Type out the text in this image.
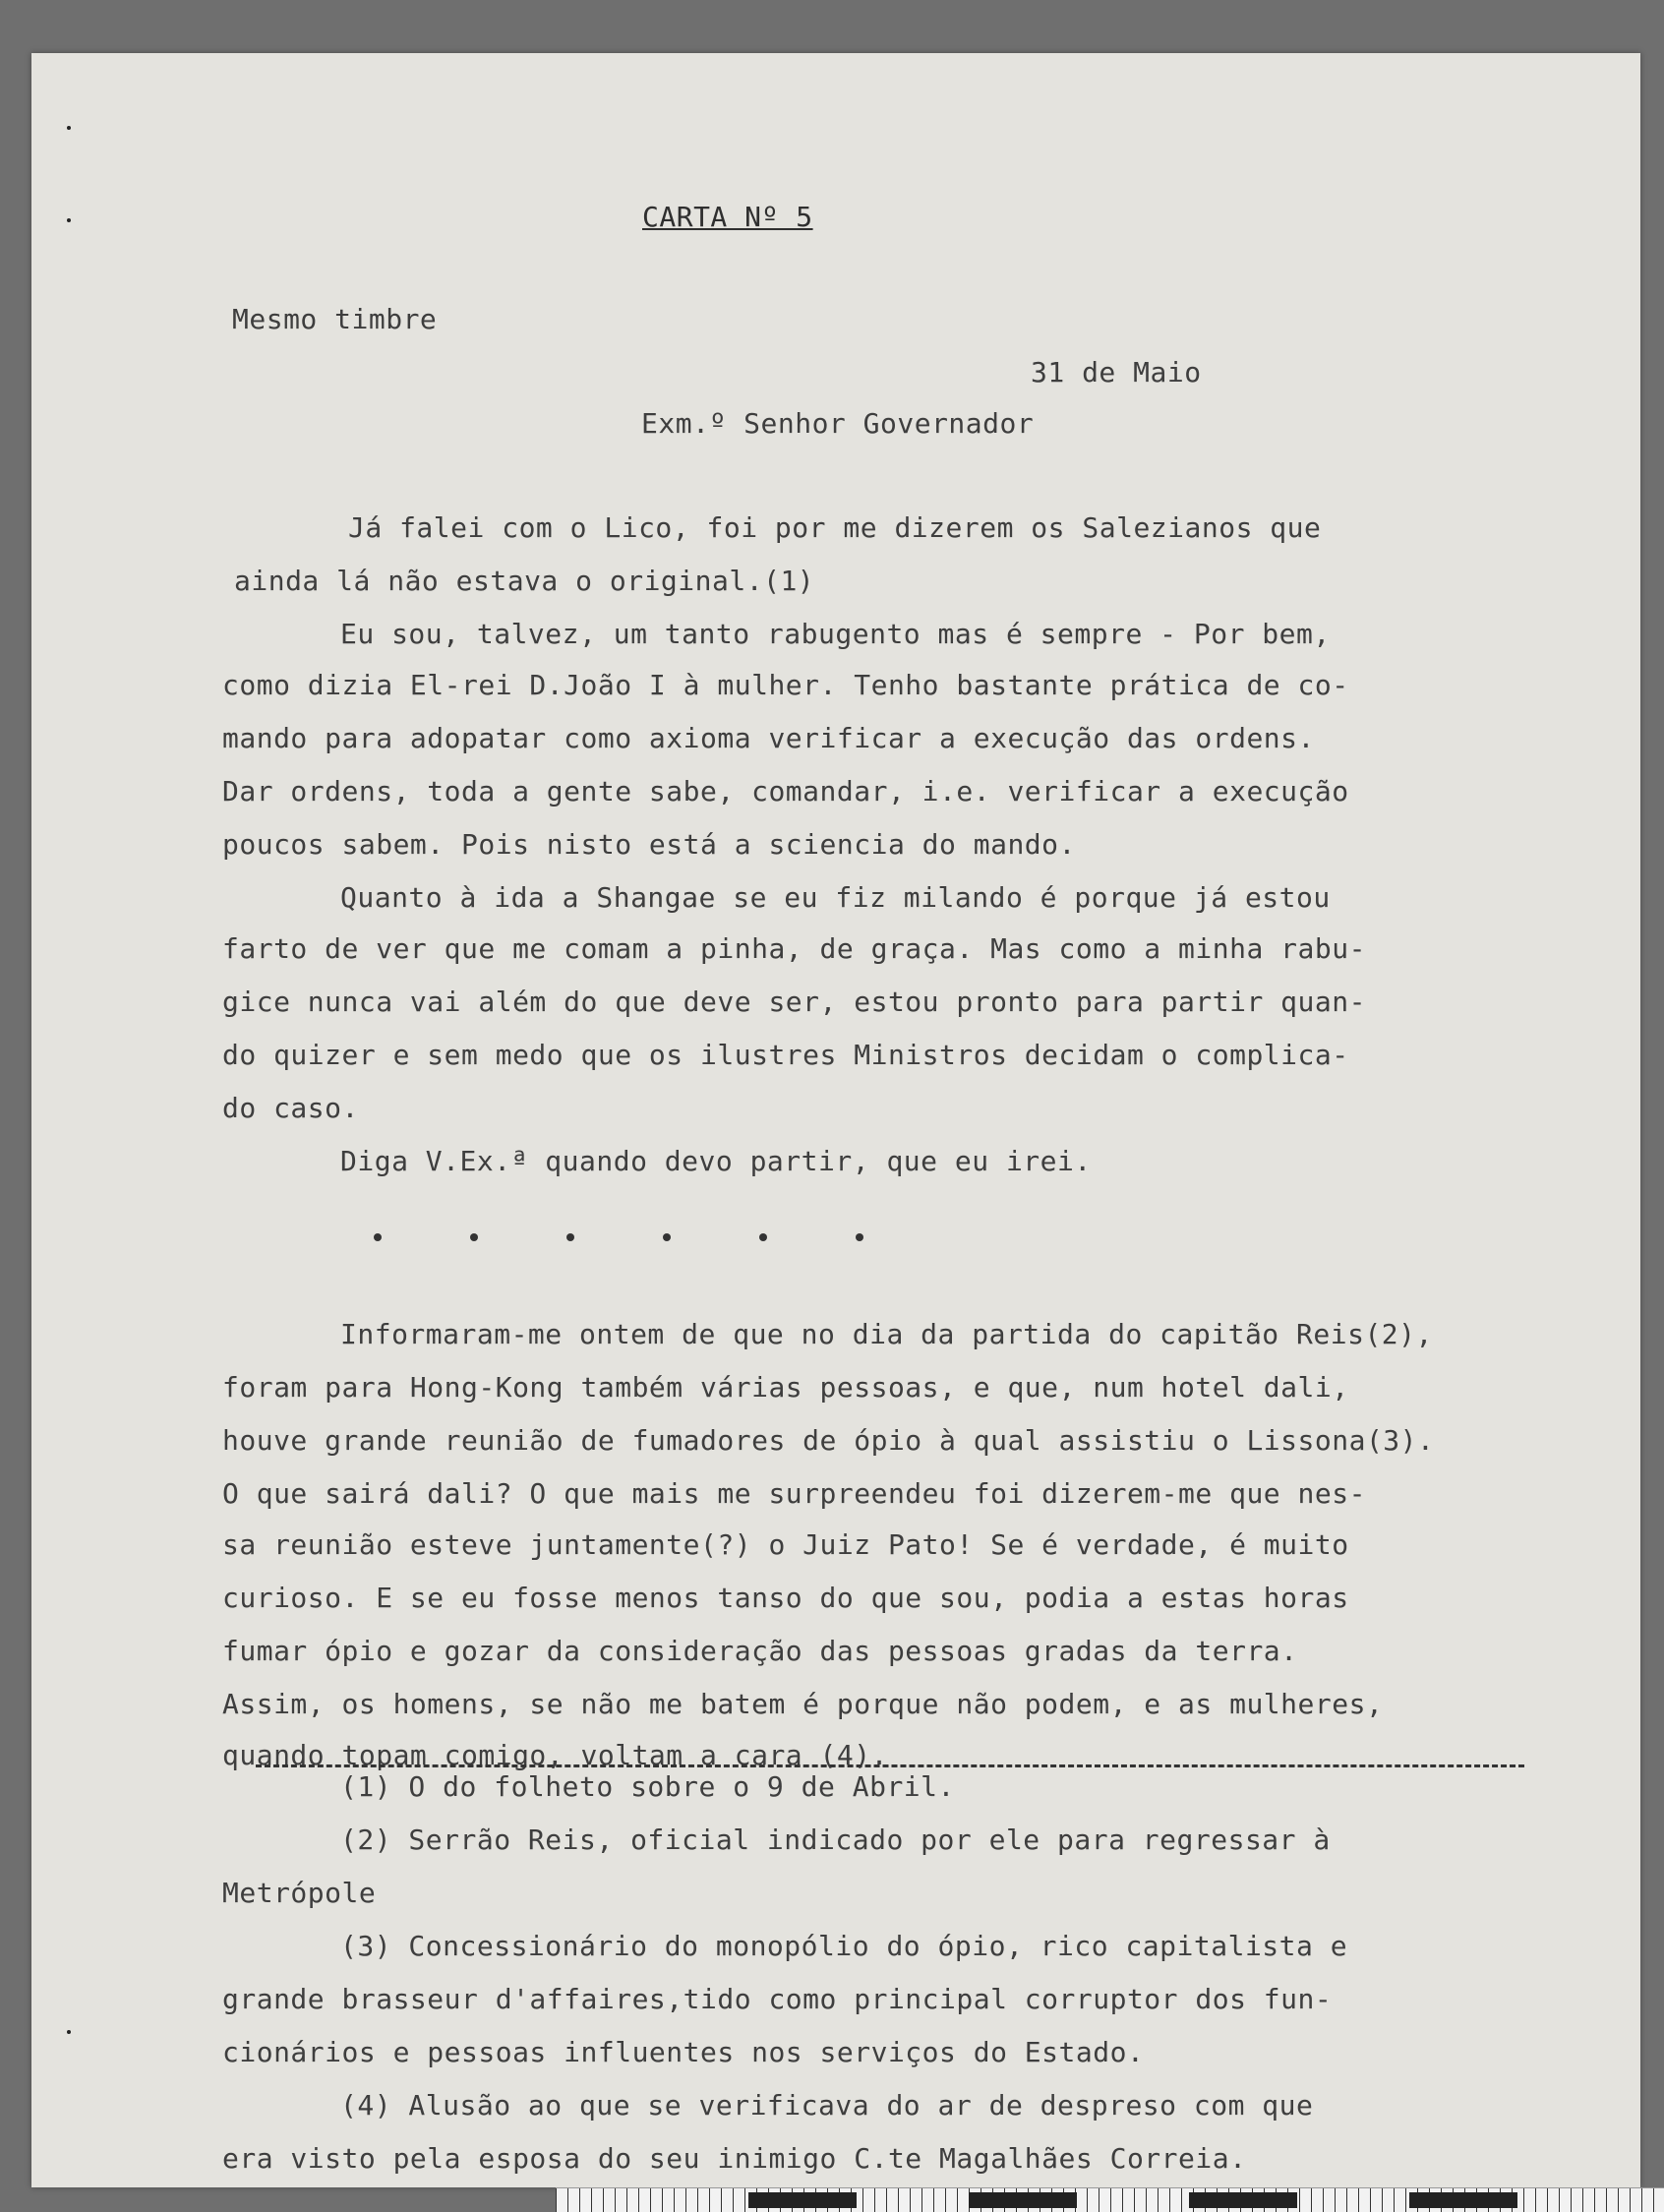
CARTA Nº 5
Mesmo timbre
31 de Maio
Exm.º Senhor Governador
Já falei com o Lico, foi por me dizerem os Salezianos que
ainda lá não estava o original.(1)
Eu sou, talvez, um tanto rabugento mas é sempre - Por bem,
como dizia El-rei D.João I à mulher. Tenho bastante prática de co-
mando para adopatar como axioma verificar a execução das ordens.
Dar ordens, toda a gente sabe, comandar, i.e. verificar a execução
poucos sabem. Pois nisto está a sciencia do mando.
Quanto à ida a Shangae se eu fiz milando é porque já estou
farto de ver que me comam a pinha, de graça. Mas como a minha rabu-
gice nunca vai além do que deve ser, estou pronto para partir quan-
do quizer e sem medo que os ilustres Ministros decidam o complica-
do caso.
Diga V.Ex.ª quando devo partir, que eu irei.
Informaram-me ontem de que no dia da partida do capitão Reis(2),
foram para Hong-Kong também várias pessoas, e que, num hotel dali,
houve grande reunião de fumadores de ópio à qual assistiu o Lissona(3).
O que sairá dali? O que mais me surpreendeu foi dizerem-me que nes-
sa reunião esteve juntamente(?) o Juiz Pato! Se é verdade, é muito
curioso. E se eu fosse menos tanso do que sou, podia a estas horas
fumar ópio e gozar da consideração das pessoas gradas da terra.
Assim, os homens, se não me batem é porque não podem, e as mulheres,
quando topam comigo, voltam a cara (4).
(1) O do folheto sobre o 9 de Abril.
(2) Serrão Reis, oficial indicado por ele para regressar à
Metrópole
(3) Concessionário do monopólio do ópio, rico capitalista e
grande brasseur d'affaires,tido como principal corruptor dos fun-
cionários e pessoas influentes nos serviços do Estado.
(4) Alusão ao que se verificava do ar de despreso com que
era visto pela esposa do seu inimigo C.te Magalhães Correia.
